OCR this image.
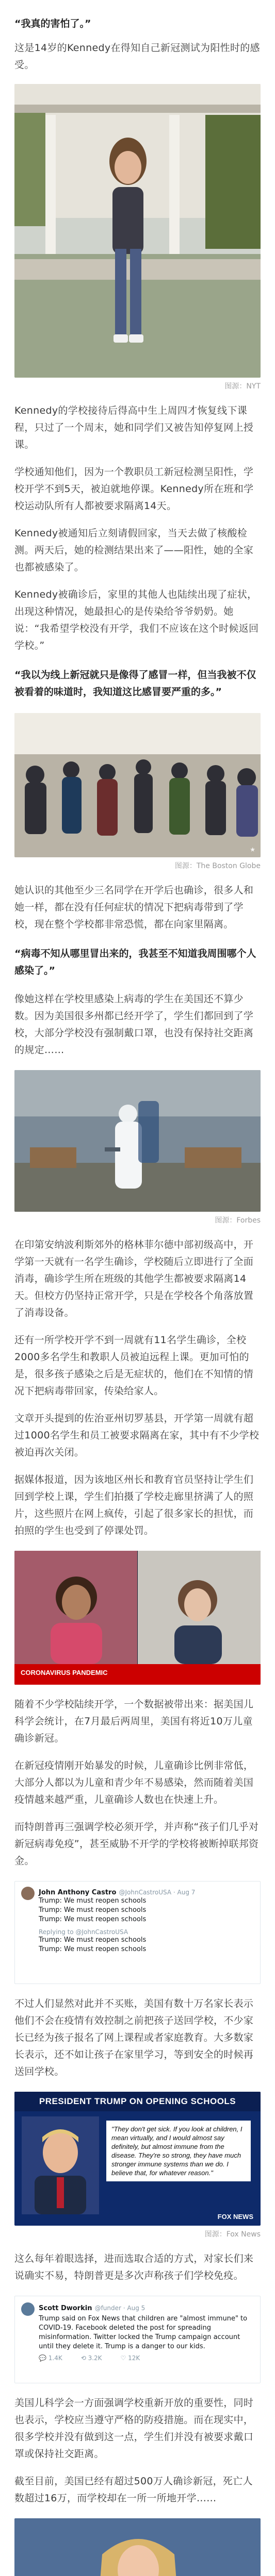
“我真的害怕了。”

这是14岁的Kennedy在得知自己新冠测试为阳性时的感受。

图源：NYT

Kennedy的学校接待后得高中生上周四才恢复线下课程，只过了一个周末，她和同学们又被告知停复网上授课。

学校通知他们，因为一个教职员工新冠检测呈阳性，学校开学不到5天，被迫就地停课。Kennedy所在班和学校运动队所有人都被要求隔离14天。

Kennedy被通知后立刻请假回家，当天去做了核酸检测。两天后，她的检测结果出来了——阳性，她的全家也都被感染了。

Kennedy被确诊后，家里的其他人也陆续出现了症状，出现这种情况，她最担心的是传染给爷爷奶奶。她说：“我希望学校没有开学，我们不应该在这个时候返回学校。”

“我以为线上新冠就只是像得了感冒一样，但当我被不仅被看着的味道时，我知道这比感冒要严重的多。”

★
图源：The Boston Globe

她认识的其他至少三名同学在开学后也确诊，很多人和她一样，都在没有任何症状的情况下把病毒带到了学校，现在整个学校都非常恐慌，都在向家里隔离。

“病毒不知从哪里冒出来的，我甚至不知道我周围哪个人感染了。”

像她这样在学校里感染上病毒的学生在美国还不算少数。因为美国很多州都已经开学了，学生们都回到了学校，大部分学校没有强制戴口罩，也没有保持社交距离的规定……

图源：Forbes

在印第安纳波利斯郊外的格林菲尔德中部初级高中，开学第一天就有一名学生确诊，学校随后立即进行了全面消毒，确诊学生所在班级的其他学生都被要求隔离14天。但校方仍坚持正常开学，只是在学校各个角落放置了消毒设备。

还有一所学校开学不到一周就有11名学生确诊，全校2000多名学生和教职人员被迫远程上课。更加可怕的是，很多孩子感染之后是无症状的，他们在不知情的情况下把病毒带回家，传染给家人。

文章开头提到的佐治亚州切罗基县，开学第一周就有超过1000名学生和员工被要求隔离在家，其中有不少学校被迫再次关闭。

据媒体报道，因为该地区州长和教育官员坚持让学生们回到学校上课，学生们拍摄了学校走廊里挤满了人的照片，这些照片在网上疯传，引起了很多家长的担忧，而拍照的学生也受到了停课处罚。

CORONAVIRUS PANDEMIC

随着不少学校陆续开学，一个数据被带出来：据美国儿科学会统计，在7月最后两周里，美国有将近10万儿童确诊新冠。

在新冠疫情刚开始暴发的时候，儿童确诊比例非常低，大部分人都以为儿童和青少年不易感染，然而随着美国疫情越来越严重，儿童确诊人数也在快速上升。

而特朗普再三强调学校必须开学，并声称“孩子们几乎对新冠病毒免疫”，甚至威胁不开学的学校将被断掉联邦资金。

John Anthony Castro @JohnCastroUSA · Aug 7
Trump: We must reopen schools
Trump: We must reopen schools
Trump: We must reopen schools
Replying to @JohnCastroUSA
Trump: We must reopen schools
Trump: We must reopen schools

不过人们显然对此并不买账，美国有数十万名家长表示他们不会在疫情有效控制之前把孩子送回学校，不少家长已经为孩子报名了网上课程或者家庭教育。大多数家长表示，还不如让孩子在家里学习，等到安全的时候再送回学校。

PRESIDENT TRUMP ON OPENING SCHOOLS
"They don't get sick. If you look at children, I mean virtually, and I would almost say definitely, but almost immune from the disease. They're so strong, they have much stronger immune systems than we do. I believe that, for whatever reason."
FOX NEWS
图源：Fox News

这么每年着眼选择，进而选取合适的方式，对家长们来说确实不易，特朗普更是多次声称孩子们学校免疫。

Scott Dworkin @funder · Aug 5
Trump said on Fox News that children are "almost immune" to COVID-19. Facebook deleted the post for spreading misinformation. Twitter locked the Trump campaign account until they delete it. Trump is a danger to our kids.
💬 1.4K	⟲ 3.2K	♡ 12K

美国儿科学会一方面强调学校重新开放的重要性，同时也表示，学校应当遵守严格的防疫措施。而在现实中，很多学校并没有做到这一点，学生们并没有被要求戴口罩或保持社交距离。

截至目前，美国已经有超过500万人确诊新冠，死亡人数超过16万，而学校却在一所一所地开学……
